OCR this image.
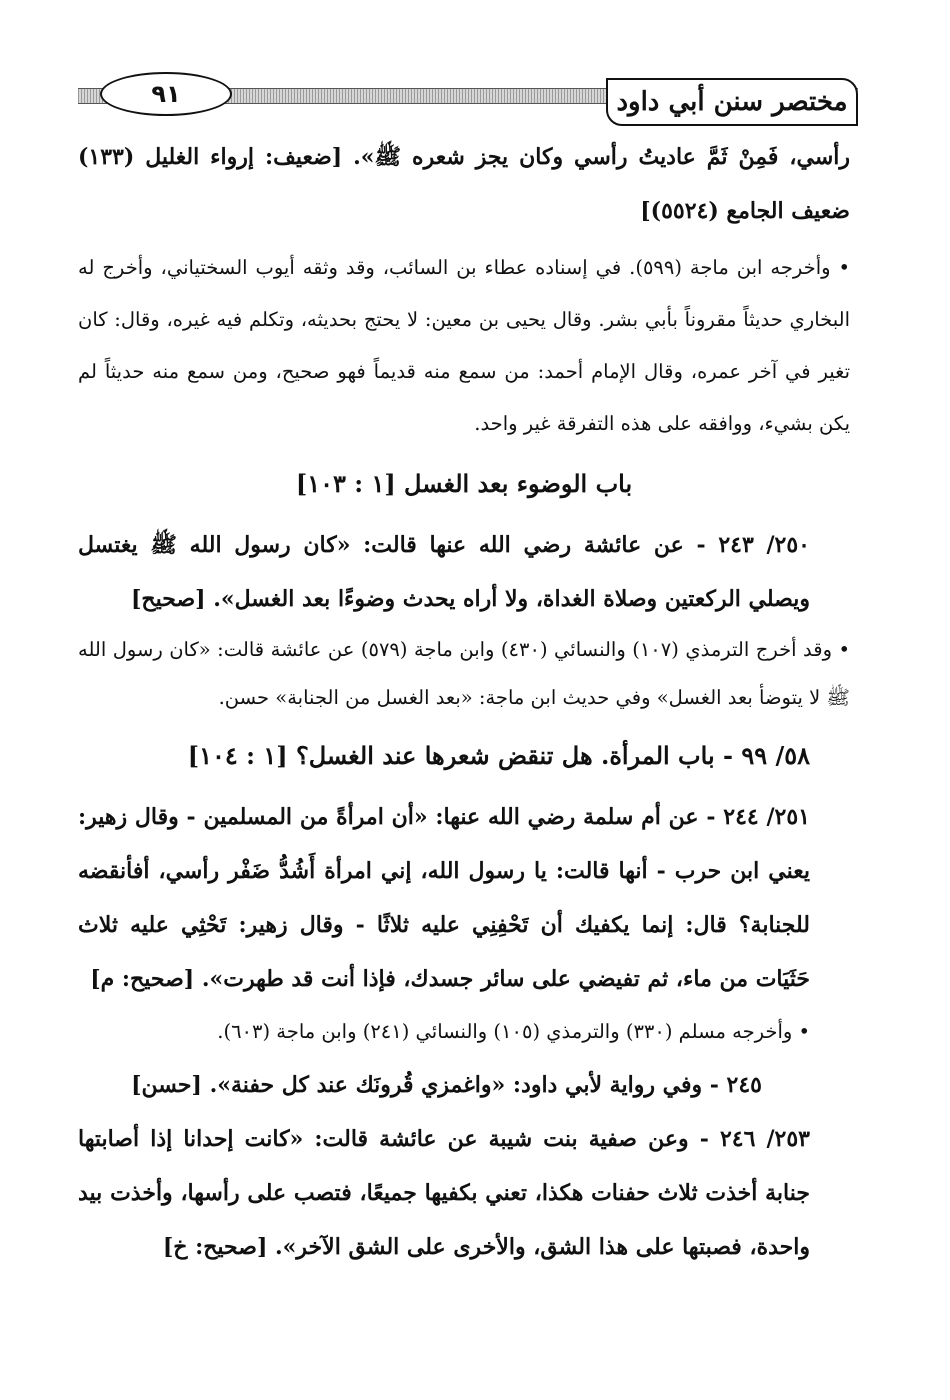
٩١	مختصر سنن أبي داود

رأسي، فَمِنْ ثَمَّ عاديتُ رأسي وكان يجز شعره ﷺ». [ضعيف: إرواء الغليل (١٣٣) ضعيف الجامع (٥٥٢٤)]

• وأخرجه ابن ماجة (٥٩٩). في إسناده عطاء بن السائب، وقد وثقه أيوب السختياني، وأخرج له البخاري حديثاً مقروناً بأبي بشر. وقال يحيى بن معين: لا يحتج بحديثه، وتكلم فيه غيره، وقال: كان تغير في آخر عمره، وقال الإمام أحمد: من سمع منه قديماً فهو صحيح، ومن سمع منه حديثاً لم يكن بشيء، ووافقه على هذه التفرقة غير واحد.

باب الوضوء بعد الغسل [١ : ١٠٣]

٢٥٠/ ٢٤٣ - عن عائشة رضي الله عنها قالت: «كان رسول الله ﷺ يغتسل ويصلي الركعتين وصلاة الغداة، ولا أراه يحدث وضوءًا بعد الغسل». [صحيح]

• وقد أخرج الترمذي (١٠٧) والنسائي (٤٣٠) وابن ماجة (٥٧٩) عن عائشة قالت: «كان رسول الله ﷺ لا يتوضأ بعد الغسل» وفي حديث ابن ماجة: «بعد الغسل من الجنابة» حسن.

٥٨/ ٩٩ - باب المرأة. هل تنقض شعرها عند الغسل؟ [١ : ١٠٤]

٢٥١/ ٢٤٤ - عن أم سلمة رضي الله عنها: «أن امرأةً من المسلمين - وقال زهير: يعني ابن حرب - أنها قالت: يا رسول الله، إني امرأة أَشُدُّ ضَفْر رأسي، أفأنقضه للجنابة؟ قال: إنما يكفيك أن تَحْفِنِي عليه ثلاثًا - وقال زهير: تَحْثِي عليه ثلاث حَثَيَات من ماء، ثم تفيضي على سائر جسدك، فإذا أنت قد طهرت». [صحيح: م]

• وأخرجه مسلم (٣٣٠) والترمذي (١٠٥) والنسائي (٢٤١) وابن ماجة (٦٠٣).

٢٤٥ - وفي رواية لأبي داود: «واغمزي قُرونَك عند كل حفنة». [حسن]

٢٥٣/ ٢٤٦ - وعن صفية بنت شيبة عن عائشة قالت: «كانت إحدانا إذا أصابتها جنابة أخذت ثلاث حفنات هكذا، تعني بكفيها جميعًا، فتصب على رأسها، وأخذت بيد واحدة، فصبتها على هذا الشق، والأخرى على الشق الآخر». [صحيح: خ]
